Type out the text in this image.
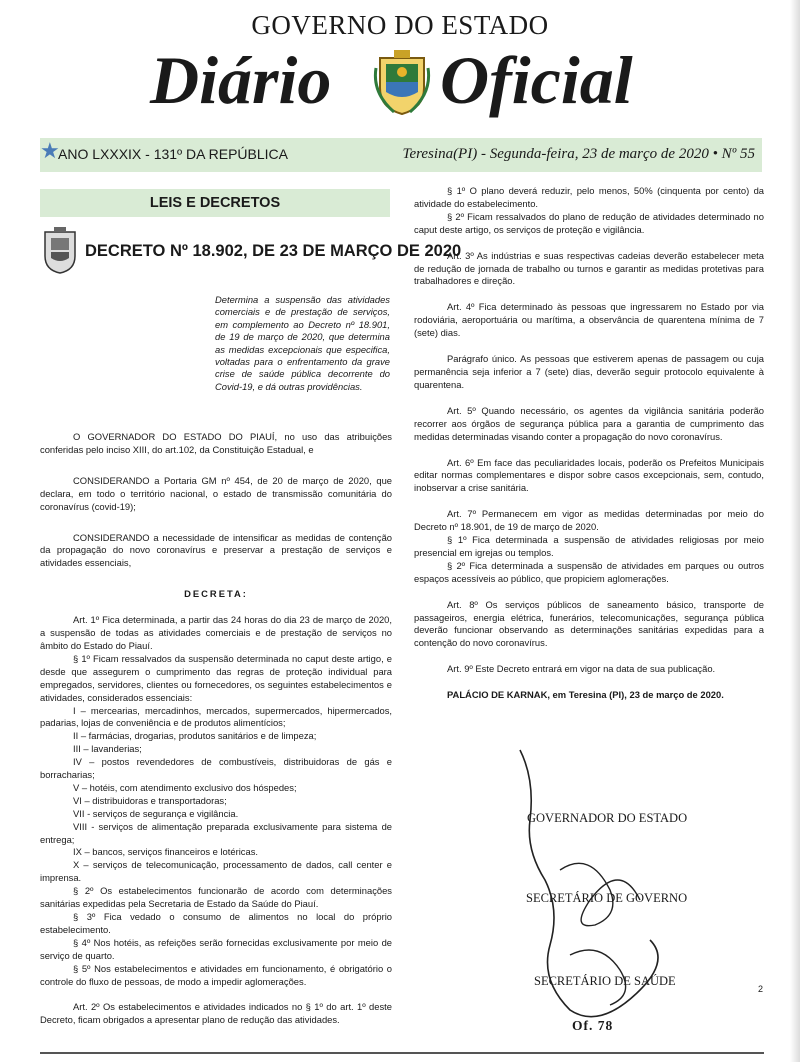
GOVERNO DO ESTADO
Diário Oficial
★
ANO LXXXIX - 131º DA REPÚBLICA	Teresina(PI) - Segunda-feira, 23 de março de 2020 • Nº 55
LEIS E DECRETOS
DECRETO Nº 18.902, DE 23 DE MARÇO DE 2020
Determina a suspensão das atividades comerciais e de prestação de serviços, em complemento ao Decreto nº 18.901, de 19 de março de 2020, que determina as medidas excepcionais que especifica, voltadas para o enfrentamento da grave crise de saúde pública decorrente do Covid-19, e dá outras providências.

O GOVERNADOR DO ESTADO DO PIAUÍ, no uso das atribuições conferidas pelo inciso XIII, do art.102, da Constituição Estadual, e

CONSIDERANDO a Portaria GM nº 454, de 20 de março de 2020, que declara, em todo o território nacional, o estado de transmissão comunitária do coronavírus (covid-19);

CONSIDERANDO a necessidade de intensificar as medidas de contenção da propagação do novo coronavírus e preservar a prestação de serviços e atividades essenciais,

DECRETA:

Art. 1º Fica determinada, a partir das 24 horas do dia 23 de março de 2020, a suspensão de todas as atividades comerciais e de prestação de serviços no âmbito do Estado do Piauí.

§ 1º Ficam ressalvados da suspensão determinada no caput deste artigo, e desde que assegurem o cumprimento das regras de proteção individual para empregados, servidores, clientes ou fornecedores, os seguintes estabelecimentos e atividades, considerados essenciais:

I – mercearias, mercadinhos, mercados, supermercados, hipermercados, padarias, lojas de conveniência e de produtos alimentícios;

II – farmácias, drogarias, produtos sanitários e de limpeza;

III – lavanderias;

IV – postos revendedores de combustíveis, distribuidoras de gás e borracharias;

V – hotéis, com atendimento exclusivo dos hóspedes;

VI – distribuidoras e transportadoras;

VII - serviços de segurança e vigilância.

VIII - serviços de alimentação preparada exclusivamente para sistema de entrega;

IX – bancos, serviços financeiros e lotéricas.

X – serviços de telecomunicação, processamento de dados, call center e imprensa.

§ 2º Os estabelecimentos funcionarão de acordo com determinações sanitárias expedidas pela Secretaria de Estado da Saúde do Piauí.

§ 3º Fica vedado o consumo de alimentos no local do próprio estabelecimento.

§ 4º Nos hotéis, as refeições serão fornecidas exclusivamente por meio de serviço de quarto.

§ 5º Nos estabelecimentos e atividades em funcionamento, é obrigatório o controle do fluxo de pessoas, de modo a impedir aglomerações.

Art. 2º Os estabelecimentos e atividades indicados no § 1º do art. 1º deste Decreto, ficam obrigados a apresentar plano de redução das atividades.

§ 1º O plano deverá reduzir, pelo menos, 50% (cinquenta por cento) da atividade do estabelecimento.

§ 2º Ficam ressalvados do plano de redução de atividades determinado no caput deste artigo, os serviços de proteção e vigilância.

Art. 3º As indústrias e suas respectivas cadeias deverão estabelecer meta de redução de jornada de trabalho ou turnos e garantir as medidas protetivas para trabalhadores e direção.

Art. 4º Fica determinado às pessoas que ingressarem no Estado por via rodoviária, aeroportuária ou marítima, a observância de quarentena mínima de 7 (sete) dias.

Parágrafo único. As pessoas que estiverem apenas de passagem ou cuja permanência seja inferior a 7 (sete) dias, deverão seguir protocolo equivalente à quarentena.

Art. 5º Quando necessário, os agentes da vigilância sanitária poderão recorrer aos órgãos de segurança pública para a garantia de cumprimento das medidas determinadas visando conter a propagação do novo coronavírus.

Art. 6º Em face das peculiaridades locais, poderão os Prefeitos Municipais editar normas complementares e dispor sobre casos excepcionais, sem, contudo, inobservar a crise sanitária.

Art. 7º Permanecem em vigor as medidas determinadas por meio do Decreto nº 18.901, de 19 de março de 2020.

§ 1º Fica determinada a suspensão de atividades religiosas por meio presencial em igrejas ou templos.

§ 2º Fica determinada a suspensão de atividades em parques ou outros espaços acessíveis ao público, que propiciem aglomerações.

Art. 8º Os serviços públicos de saneamento básico, transporte de passageiros, energia elétrica, funerários, telecomunicações, segurança pública deverão funcionar observando as determinações sanitárias expedidas para a contenção do novo coronavírus.

Art. 9º Este Decreto entrará em vigor na data de sua publicação.

PALÁCIO DE KARNAK, em Teresina (PI), 23 de março de 2020.

GOVERNADOR DO ESTADO
SECRETÁRIO DE GOVERNO
SECRETÁRIO DE SAÚDE
Of. 78
2
